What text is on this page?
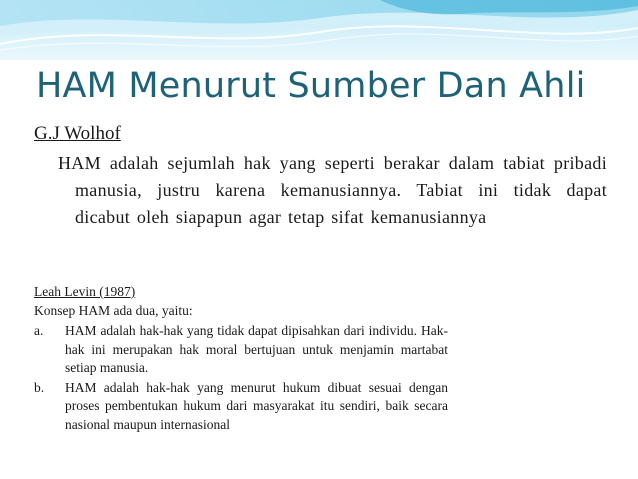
HAM Menurut Sumber Dan Ahli
G.J Wolhof
HAM adalah sejumlah hak yang seperti berakar dalam tabiat pribadi manusia, justru karena kemanusiannya. Tabiat ini tidak dapat dicabut oleh siapapun agar tetap sifat kemanusiannya
Leah Levin (1987)
Konsep HAM ada dua, yaitu:
a. HAM adalah hak-hak yang tidak dapat dipisahkan dari individu. Hak-hak ini merupakan hak moral bertujuan untuk menjamin martabat setiap manusia.
b. HAM adalah hak-hak yang menurut hukum dibuat sesuai dengan proses pembentukan hukum dari masyarakat itu sendiri, baik secara nasional maupun internasional
